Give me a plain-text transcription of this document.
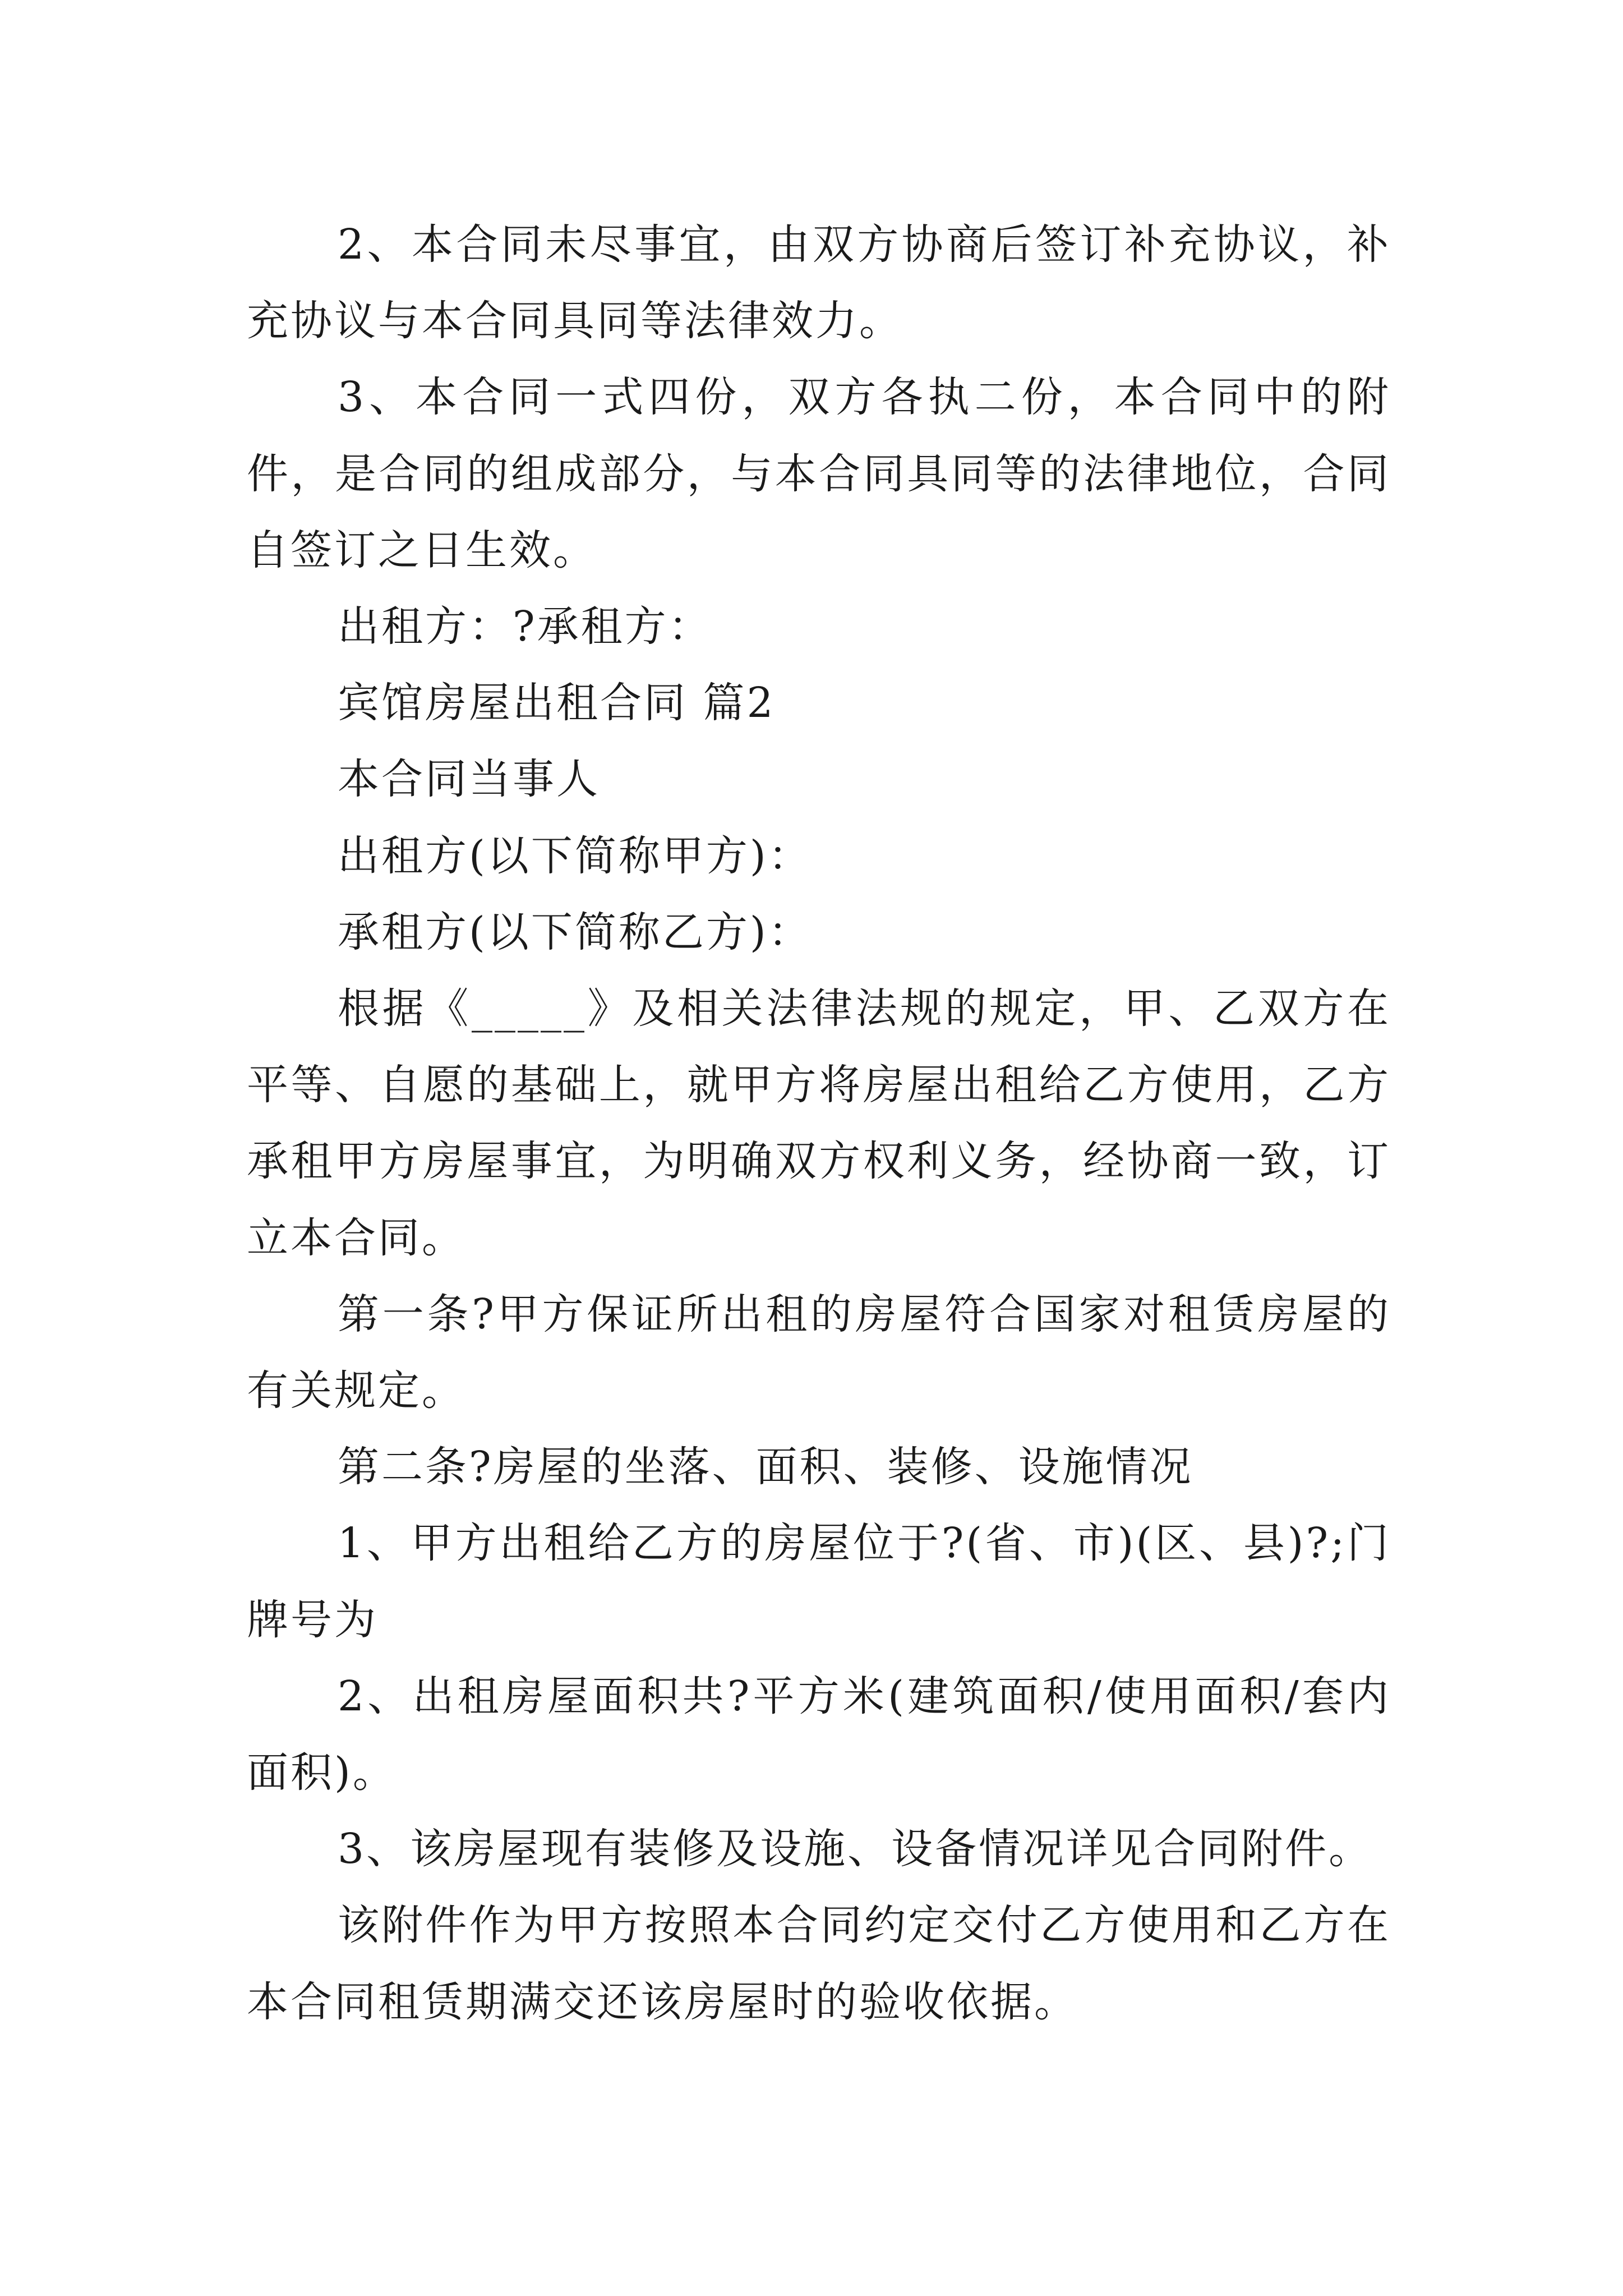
2、本合同未尽事宜，由双方协商后签订补充协议，补充协议与本合同具同等法律效力。

3、本合同一式四份，双方各执二份，本合同中的附件，是合同的组成部分，与本合同具同等的法律地位，合同自签订之日生效。

出租方：?承租方：

宾馆房屋出租合同 篇2

本合同当事人

出租方(以下简称甲方)：

承租方(以下简称乙方)：

根据《_____》及相关法律法规的规定，甲、乙双方在平等、自愿的基础上，就甲方将房屋出租给乙方使用，乙方承租甲方房屋事宜，为明确双方权利义务，经协商一致，订立本合同。

第一条?甲方保证所出租的房屋符合国家对租赁房屋的有关规定。

第二条?房屋的坐落、面积、装修、设施情况

1、甲方出租给乙方的房屋位于?(省、市)(区、县)?;门牌号为

2、出租房屋面积共?平方米(建筑面积/使用面积/套内面积)。

3、该房屋现有装修及设施、设备情况详见合同附件。

该附件作为甲方按照本合同约定交付乙方使用和乙方在本合同租赁期满交还该房屋时的验收依据。
